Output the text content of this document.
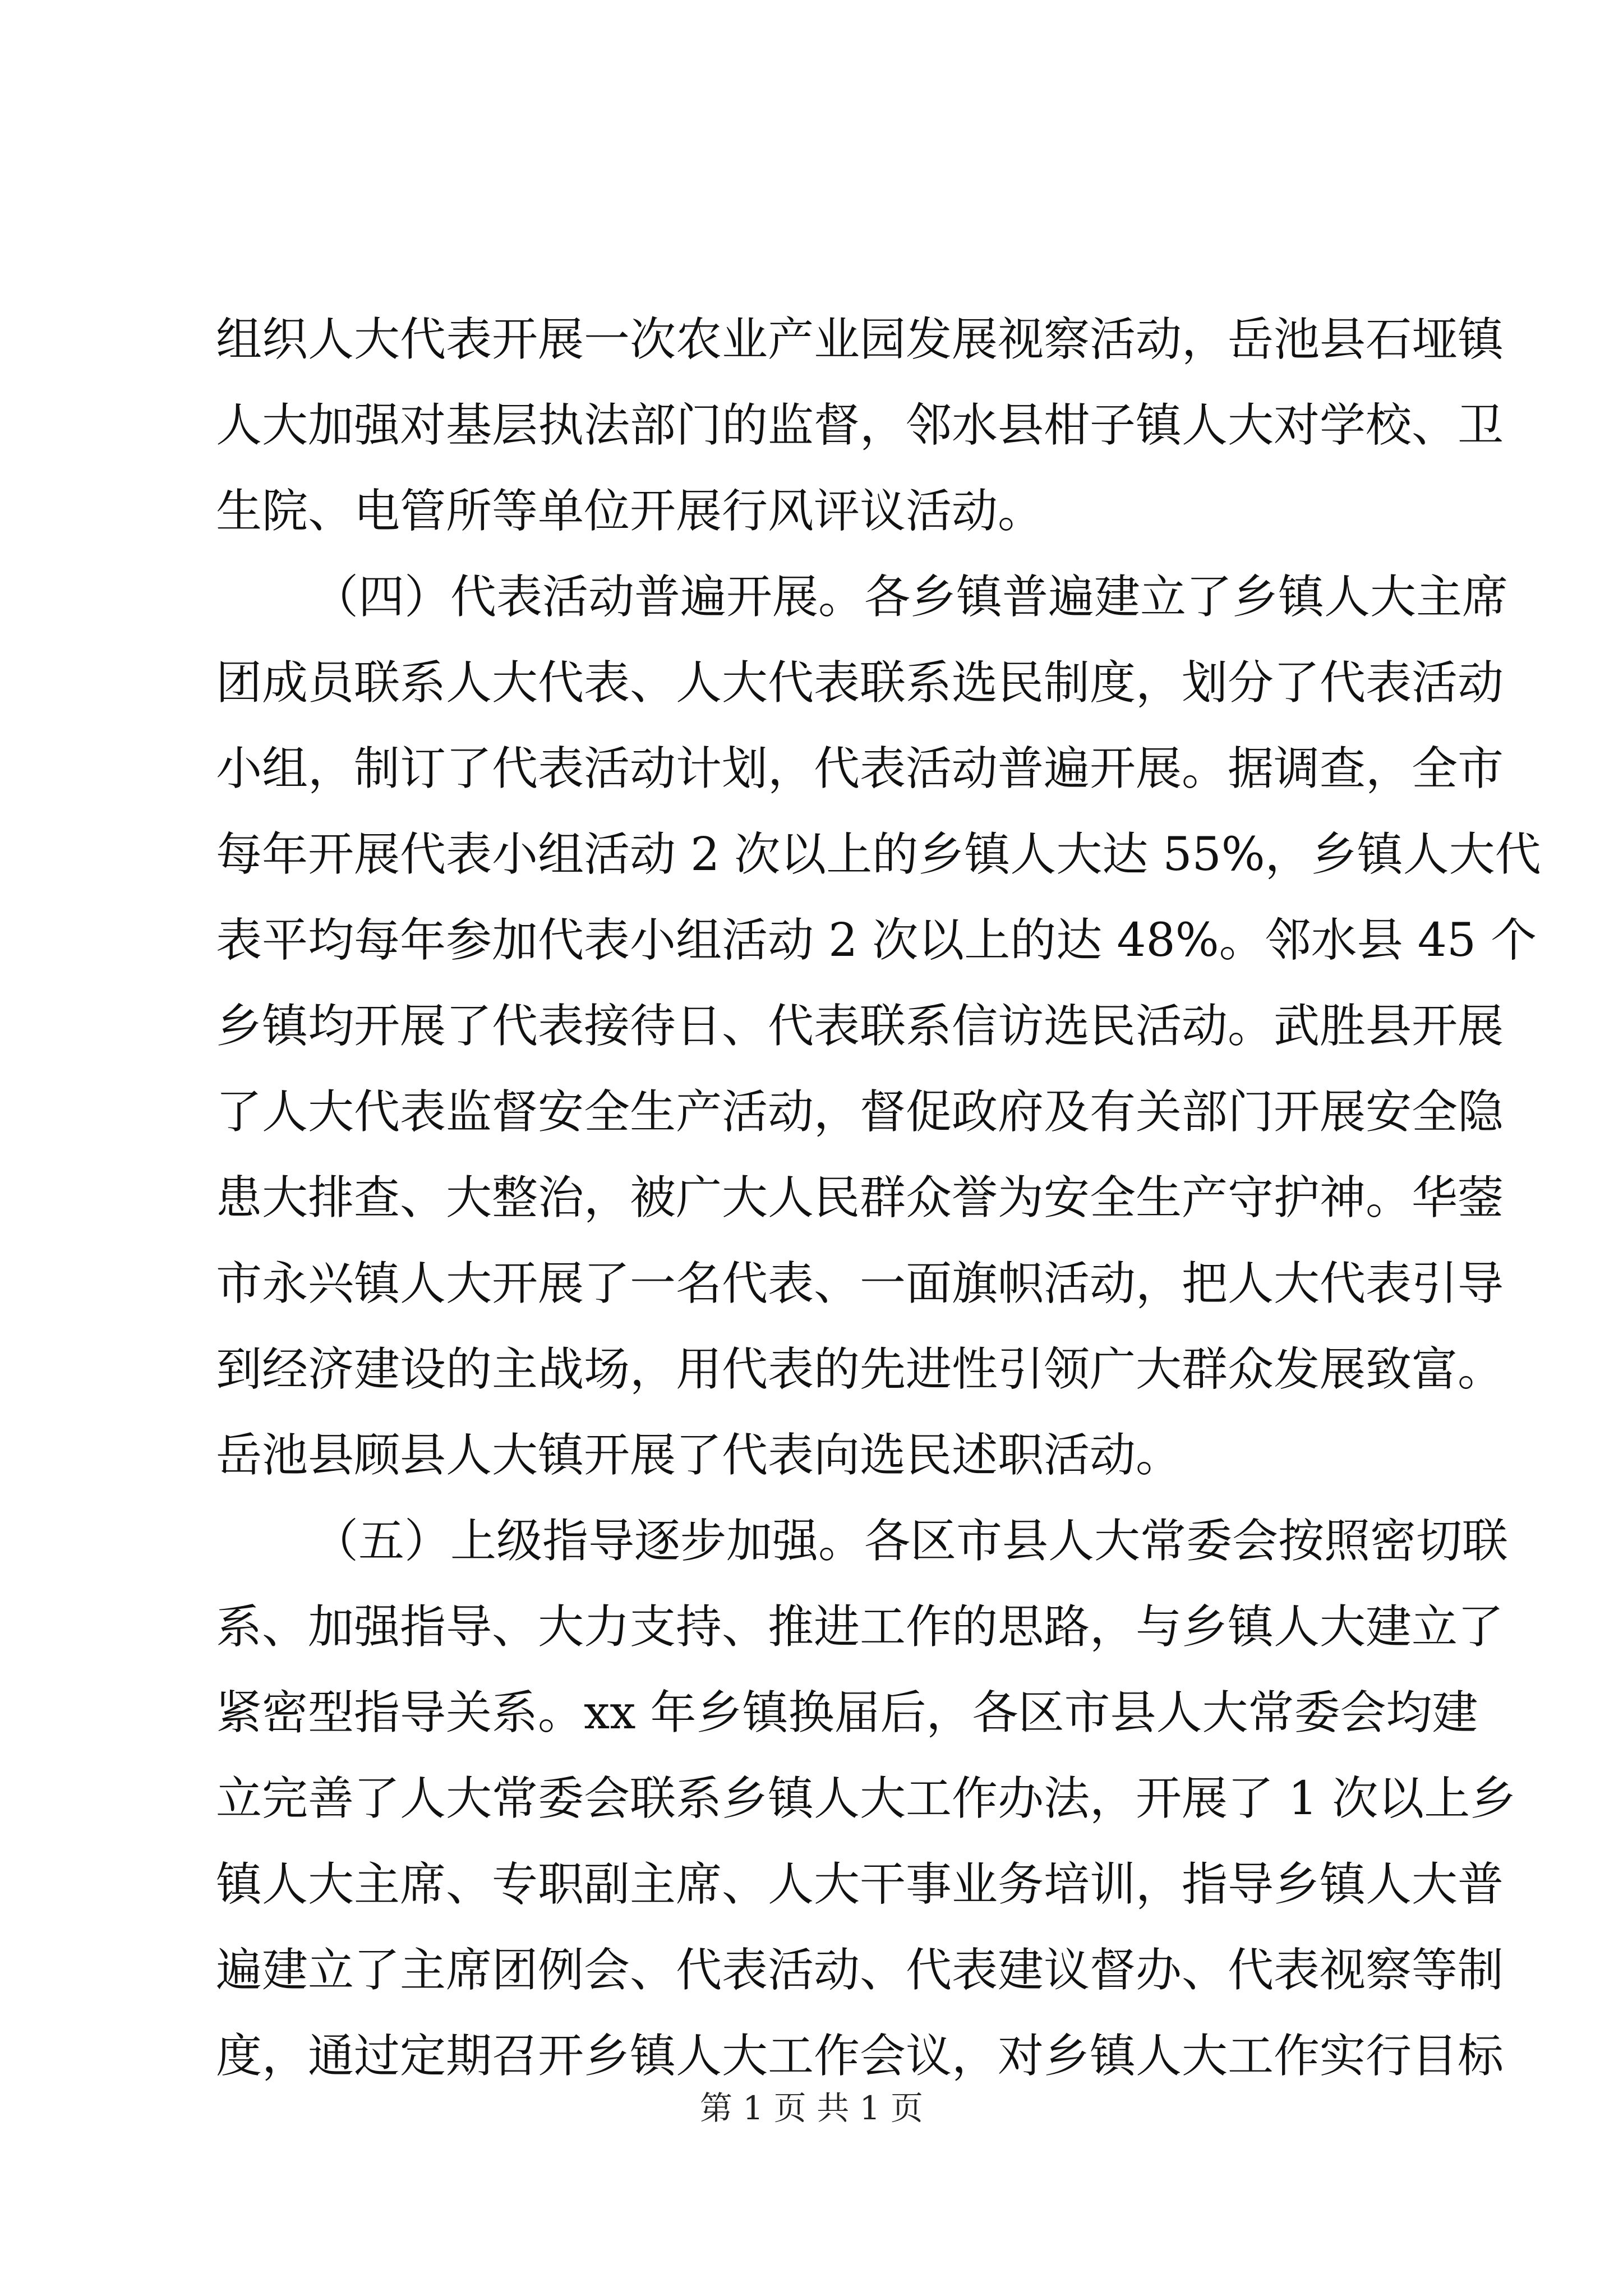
组织人大代表开展一次农业产业园发展视察活动，岳池县石垭镇
人大加强对基层执法部门的监督，邻水县柑子镇人大对学校、卫
生院、电管所等单位开展行风评议活动。
（四）代表活动普遍开展。各乡镇普遍建立了乡镇人大主席
团成员联系人大代表、人大代表联系选民制度，划分了代表活动
小组，制订了代表活动计划，代表活动普遍开展。据调查，全市
每年开展代表小组活动 2 次以上的乡镇人大达 55%，乡镇人大代
表平均每年参加代表小组活动 2 次以上的达 48%。邻水县 45 个
乡镇均开展了代表接待日、代表联系信访选民活动。武胜县开展
了人大代表监督安全生产活动，督促政府及有关部门开展安全隐
患大排查、大整治，被广大人民群众誉为安全生产守护神。华蓥
市永兴镇人大开展了一名代表、一面旗帜活动，把人大代表引导
到经济建设的主战场，用代表的先进性引领广大群众发展致富。
岳池县顾县人大镇开展了代表向选民述职活动。
（五）上级指导逐步加强。各区市县人大常委会按照密切联
系、加强指导、大力支持、推进工作的思路，与乡镇人大建立了
紧密型指导关系。xx 年乡镇换届后，各区市县人大常委会均建
立完善了人大常委会联系乡镇人大工作办法，开展了 1 次以上乡
镇人大主席、专职副主席、人大干事业务培训，指导乡镇人大普
遍建立了主席团例会、代表活动、代表建议督办、代表视察等制
度，通过定期召开乡镇人大工作会议，对乡镇人大工作实行目标
第 1 页 共 1 页
